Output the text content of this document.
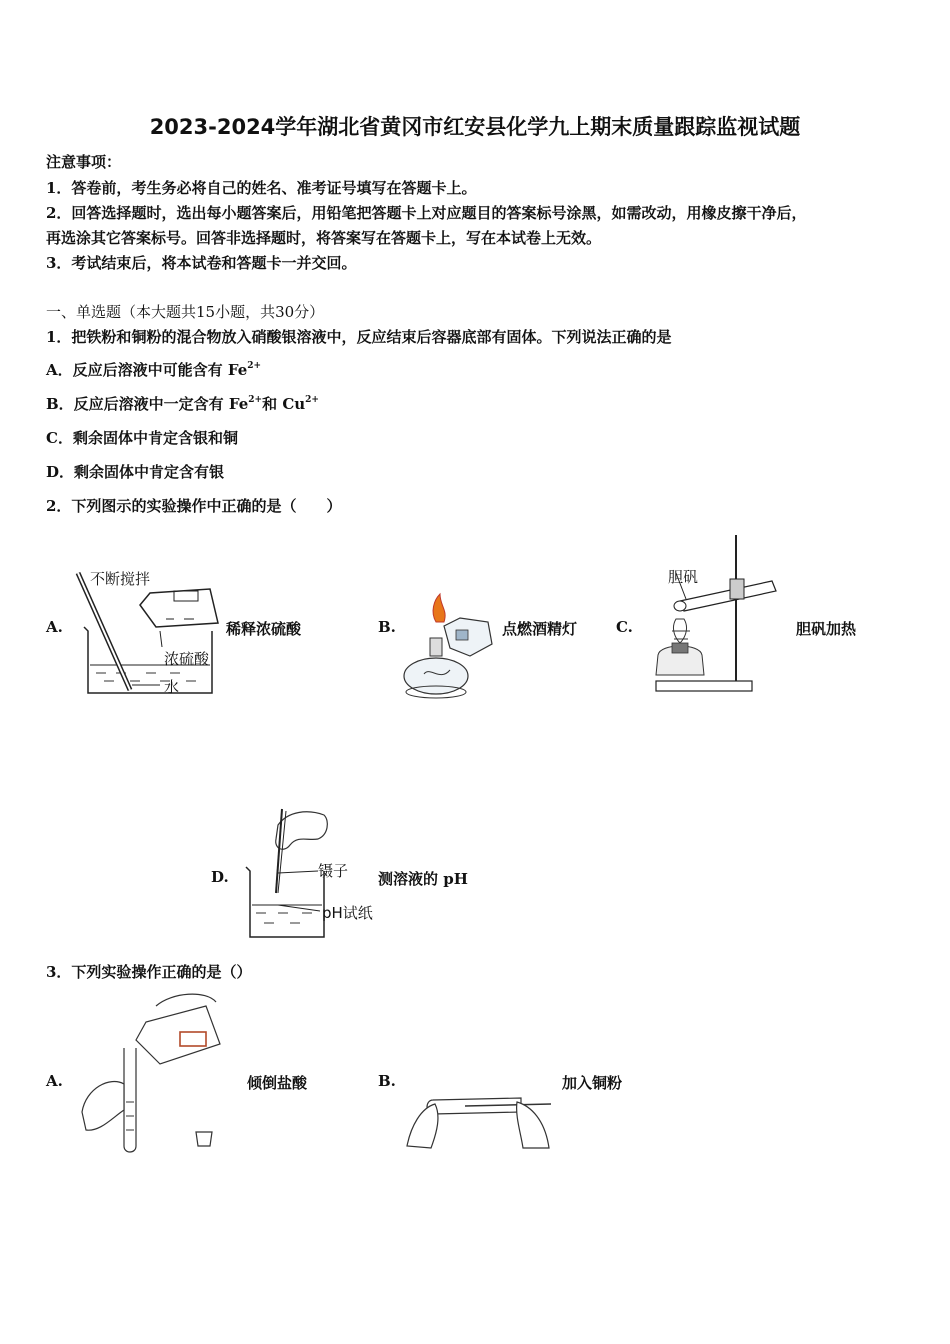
2023-2024学年湖北省黄冈市红安县化学九上期末质量跟踪监视试题
注意事项：
1．答卷前，考生务必将自己的姓名、准考证号填写在答题卡上。
2．回答选择题时，选出每小题答案后，用铅笔把答题卡上对应题目的答案标号涂黑，如需改动，用橡皮擦干净后，
再选涂其它答案标号。回答非选择题时，将答案写在答题卡上，写在本试卷上无效。
3．考试结束后，将本试卷和答题卡一并交回。
一、单选题（本大题共15小题，共30分）
1．把铁粉和铜粉的混合物放入硝酸银溶液中，反应结束后容器底部有固体。下列说法正确的是
A．反应后溶液中可能含有 $Fe^{2+}$
B．反应后溶液中一定含有 $Fe^{2+}$和 $Cu^{2+}$
C．剩余固体中肯定含银和铜
D．剩余固体中肯定含有银
2．下列图示的实验操作中正确的是（　　）
A.
不断搅拌
浓硫酸
水
稀释浓硫酸	B.	点燃酒精灯	C.
胆矾
胆矾加热
D.	镊子
pH试纸
测溶液的 pH
3．下列实验操作正确的是（）
A.	倾倒盐酸	B.	加入铜粉
